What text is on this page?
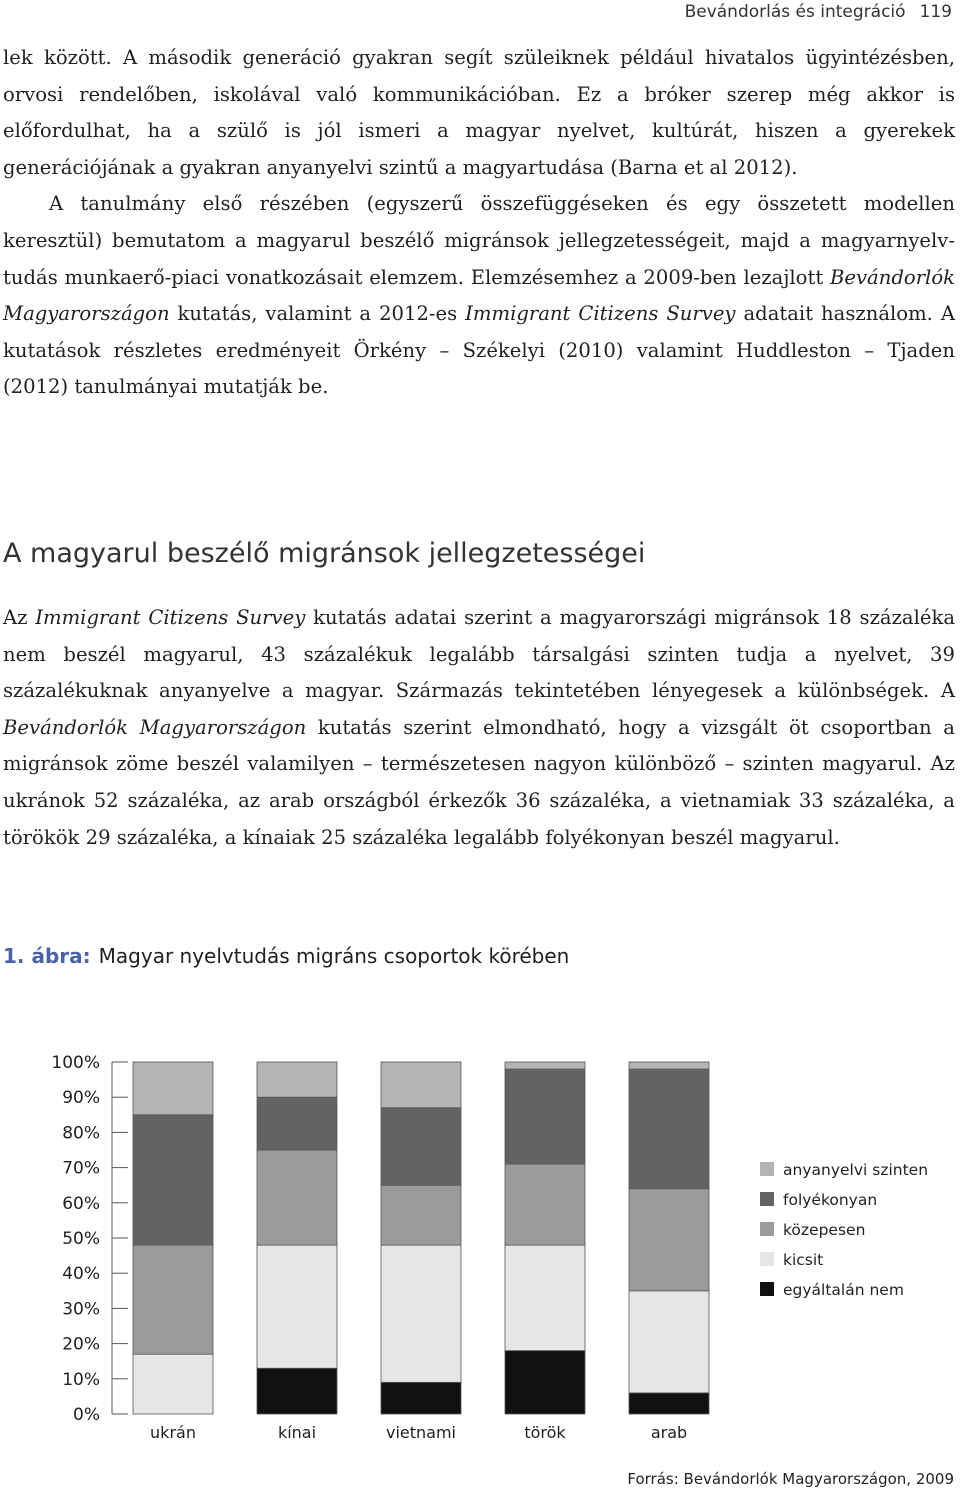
Bevándorlás és integráció 119

lek között. A második generáció gyakran segít szüleiknek például hivatalos ügyintézésben, orvosi rendelőben, iskolával való kommunikációban. Ez a bróker szerep még akkor is előfordulhat, ha a szülő is jól ismeri a magyar nyelvet, kultúrát, hiszen a gyerekek generációjának a gyakran anyanyelvi szintű a magyartudása (Barna et al 2012).

A tanulmány első részében (egyszerű összefüggéseken és egy összetett modellen keresztül) bemutatom a magyarul beszélő migránsok jellegzetességeit, majd a magyarnyelv-tudás munkaerő-piaci vonatkozásait elemzem. Elemzésemhez a 2009-ben lezajlott Bevándorlók Magyarországon kutatás, valamint a 2012-es Immigrant Citizens Survey adatait használom. A kutatások részletes eredményeit Örkény – Székelyi (2010) valamint Huddleston – Tjaden (2012) tanulmányai mutatják be.

A magyarul beszélő migránsok jellegzetességei

Az Immigrant Citizens Survey kutatás adatai szerint a magyarországi migránsok 18 százaléka nem beszél magyarul, 43 százalékuk legalább társalgási szinten tudja a nyelvet, 39 százalékuknak anyanyelve a magyar. Származás tekintetében lényegesek a különbségek. A Bevándorlók Magyarországon kutatás szerint elmondható, hogy a vizsgált öt csoportban a migránsok zöme beszél valamilyen – természetesen nagyon különböző – szinten magyarul. Az ukránok 52 százaléka, az arab országból érkezők 36 százaléka, a vietnamiak 33 százaléka, a törökök 29 százaléka, a kínaiak 25 százaléka legalább folyékonyan beszél magyarul.

1. ábra: Magyar nyelvtudás migráns csoportok körében
0%
10%
20%
30%
40%
50%
60%
70%
80%
90%
100%
ukrán	kínai	vietnami	török	arab
anyanyelvi szinten
folyékonyan
közepesen
kicsit
egyáltalán nem
Forrás: Bevándorlók Magyarországon, 2009
